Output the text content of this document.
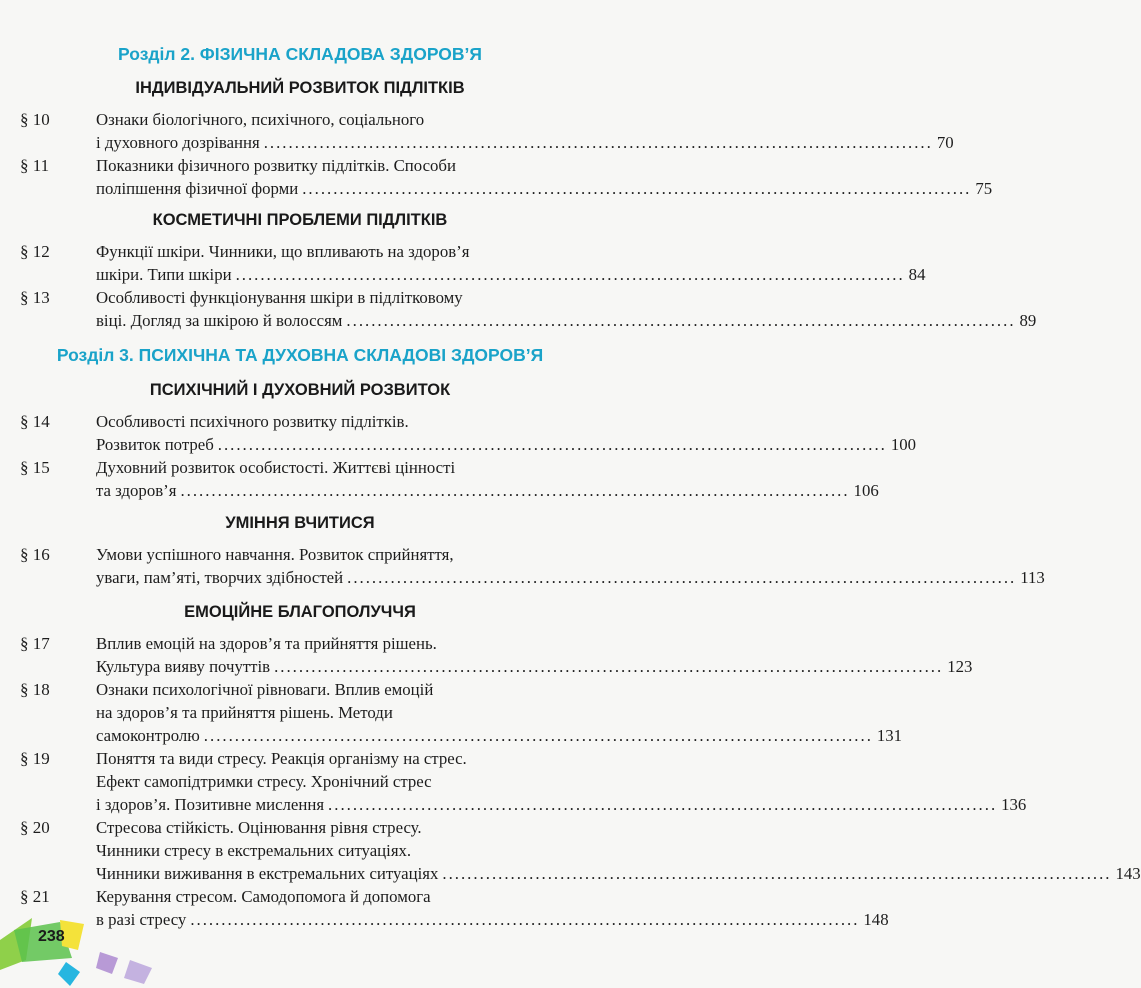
Розділ 2. ФІЗИЧНА СКЛАДОВА ЗДОРОВ’Я
ІНДИВІДУАЛЬНИЙ РОЗВИТОК ПІДЛІТКІВ
§ 10	Ознаки біологічного, психічного, соціального
і духовного дозрівання ............................................................................................................ 70
§ 11	Показники фізичного розвитку підлітків. Способи
поліпшення фізичної форми ............................................................................................................ 75
КОСМЕТИЧНІ ПРОБЛЕМИ ПІДЛІТКІВ
§ 12	Функції шкіри. Чинники, що впливають на здоров’я
шкіри. Типи шкіри ............................................................................................................ 84
§ 13	Особливості функціонування шкіри в підлітковому
віці. Догляд за шкірою й волоссям ............................................................................................................ 89
Розділ 3. ПСИХІЧНА ТА ДУХОВНА СКЛАДОВІ ЗДОРОВ’Я
ПСИХІЧНИЙ І ДУХОВНИЙ РОЗВИТОК
§ 14	Особливості психічного розвитку підлітків.
Розвиток потреб ............................................................................................................ 100
§ 15	Духовний розвиток особистості. Життєві цінності
та здоров’я ............................................................................................................ 106
УМІННЯ ВЧИТИСЯ
§ 16	Умови успішного навчання. Розвиток сприйняття,
уваги, пам’яті, творчих здібностей ............................................................................................................ 113
ЕМОЦІЙНЕ БЛАГОПОЛУЧЧЯ
§ 17	Вплив емоцій на здоров’я та прийняття рішень.
Культура вияву почуттів ............................................................................................................ 123
§ 18	Ознаки психологічної рівноваги. Вплив емоцій
на здоров’я та прийняття рішень. Методи
самоконтролю ............................................................................................................ 131
§ 19	Поняття та види стресу. Реакція організму на стрес.
Ефект самопідтримки стресу. Хронічний стрес
і здоров’я. Позитивне мислення ............................................................................................................ 136
§ 20	Стресова стійкість. Оцінювання рівня стресу.
Чинники стресу в екстремальних ситуаціях.
Чинники виживання в екстремальних ситуаціях ............................................................................................................ 143
§ 21	Керування стресом. Самодопомога й допомога
в разі стресу ............................................................................................................ 148
238
